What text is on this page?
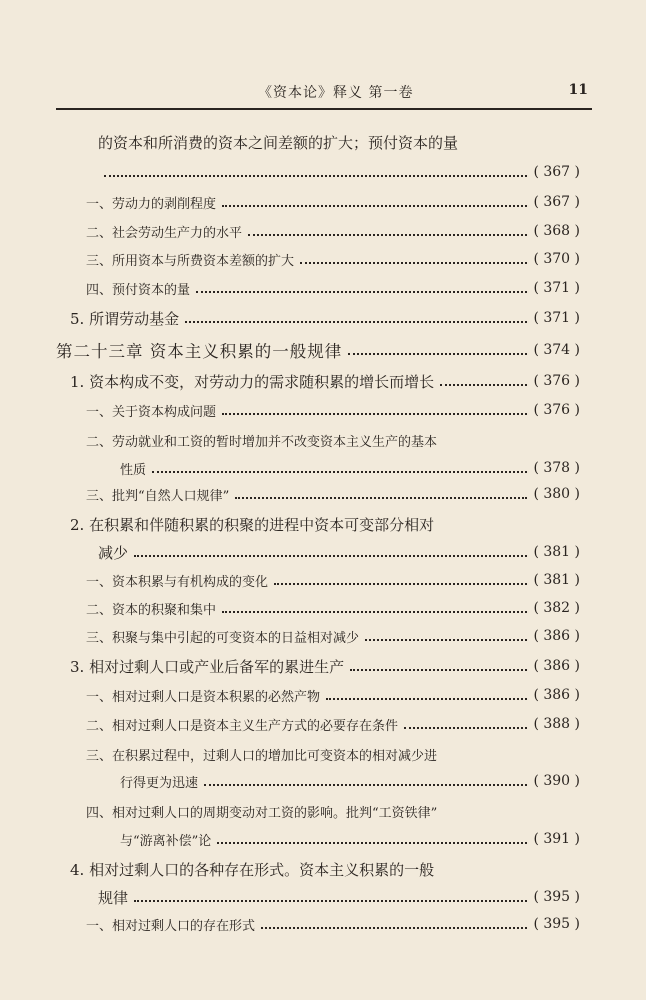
《资本论》释义 第一卷	11
的资本和所消费的资本之间差额的扩大；预付资本的量
( 367 )
一、劳动力的剥削程度	( 367 )
二、社会劳动生产力的水平	( 368 )
三、所用资本与所费资本差额的扩大	( 370 )
四、预付资本的量	( 371 )
5. 所谓劳动基金	( 371 )
第二十三章 资本主义积累的一般规律	( 374 )
1. 资本构成不变，对劳动力的需求随积累的增长而增长	( 376 )
一、关于资本构成问题	( 376 )
二、劳动就业和工资的暂时增加并不改变资本主义生产的基本
性质	( 378 )
三、批判“自然人口规律”	( 380 )
2. 在积累和伴随积累的积聚的进程中资本可变部分相对
减少	( 381 )
一、资本积累与有机构成的变化	( 381 )
二、资本的积聚和集中	( 382 )
三、积聚与集中引起的可变资本的日益相对减少	( 386 )
3. 相对过剩人口或产业后备军的累进生产	( 386 )
一、相对过剩人口是资本积累的必然产物	( 386 )
二、相对过剩人口是资本主义生产方式的必要存在条件	( 388 )
三、在积累过程中，过剩人口的增加比可变资本的相对减少进
行得更为迅速	( 390 )
四、相对过剩人口的周期变动对工资的影响。批判“工资铁律”
与“游离补偿”论	( 391 )
4. 相对过剩人口的各种存在形式。资本主义积累的一般
规律	( 395 )
一、相对过剩人口的存在形式	( 395 )
